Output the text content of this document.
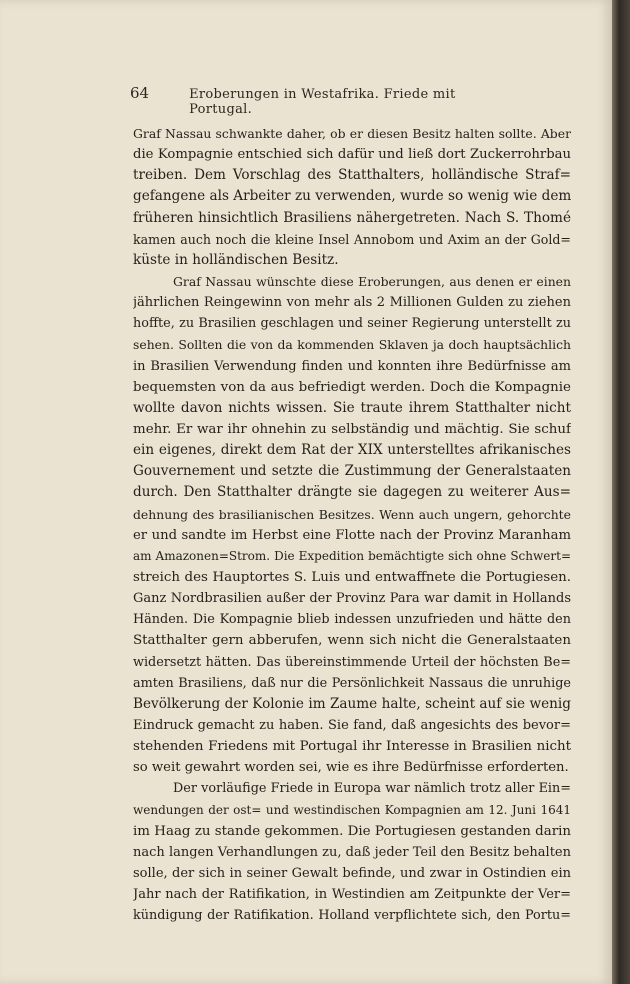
64	Eroberungen in Westafrika. Friede mit Portugal.
Graf Nassau schwankte daher, ob er diesen Besitz halten sollte. Aber
die Kompagnie entschied sich dafür und ließ dort Zuckerrohrbau
treiben. Dem Vorschlag des Statthalters, holländische Straf=
gefangene als Arbeiter zu verwenden, wurde so wenig wie dem
früheren hinsichtlich Brasiliens nähergetreten. Nach S. Thomé
kamen auch noch die kleine Insel Annobom und Axim an der Gold=
küste in holländischen Besitz.
Graf Nassau wünschte diese Eroberungen, aus denen er einen
jährlichen Reingewinn von mehr als 2 Millionen Gulden zu ziehen
hoffte, zu Brasilien geschlagen und seiner Regierung unterstellt zu
sehen. Sollten die von da kommenden Sklaven ja doch hauptsächlich
in Brasilien Verwendung finden und konnten ihre Bedürfnisse am
bequemsten von da aus befriedigt werden. Doch die Kompagnie
wollte davon nichts wissen. Sie traute ihrem Statthalter nicht
mehr. Er war ihr ohnehin zu selbständig und mächtig. Sie schuf
ein eigenes, direkt dem Rat der XIX unterstelltes afrikanisches
Gouvernement und setzte die Zustimmung der Generalstaaten
durch. Den Statthalter drängte sie dagegen zu weiterer Aus=
dehnung des brasilianischen Besitzes. Wenn auch ungern, gehorchte
er und sandte im Herbst eine Flotte nach der Provinz Maranham
am Amazonen=Strom. Die Expedition bemächtigte sich ohne Schwert=
streich des Hauptortes S. Luis und entwaffnete die Portugiesen.
Ganz Nordbrasilien außer der Provinz Para war damit in Hollands
Händen. Die Kompagnie blieb indessen unzufrieden und hätte den
Statthalter gern abberufen, wenn sich nicht die Generalstaaten
widersetzt hätten. Das übereinstimmende Urteil der höchsten Be=
amten Brasiliens, daß nur die Persönlichkeit Nassaus die unruhige
Bevölkerung der Kolonie im Zaume halte, scheint auf sie wenig
Eindruck gemacht zu haben. Sie fand, daß angesichts des bevor=
stehenden Friedens mit Portugal ihr Interesse in Brasilien nicht
so weit gewahrt worden sei, wie es ihre Bedürfnisse erforderten.
Der vorläufige Friede in Europa war nämlich trotz aller Ein=
wendungen der ost= und westindischen Kompagnien am 12. Juni 1641
im Haag zu stande gekommen. Die Portugiesen gestanden darin
nach langen Verhandlungen zu, daß jeder Teil den Besitz behalten
solle, der sich in seiner Gewalt befinde, und zwar in Ostindien ein
Jahr nach der Ratifikation, in Westindien am Zeitpunkte der Ver=
kündigung der Ratifikation. Holland verpflichtete sich, den Portu=
